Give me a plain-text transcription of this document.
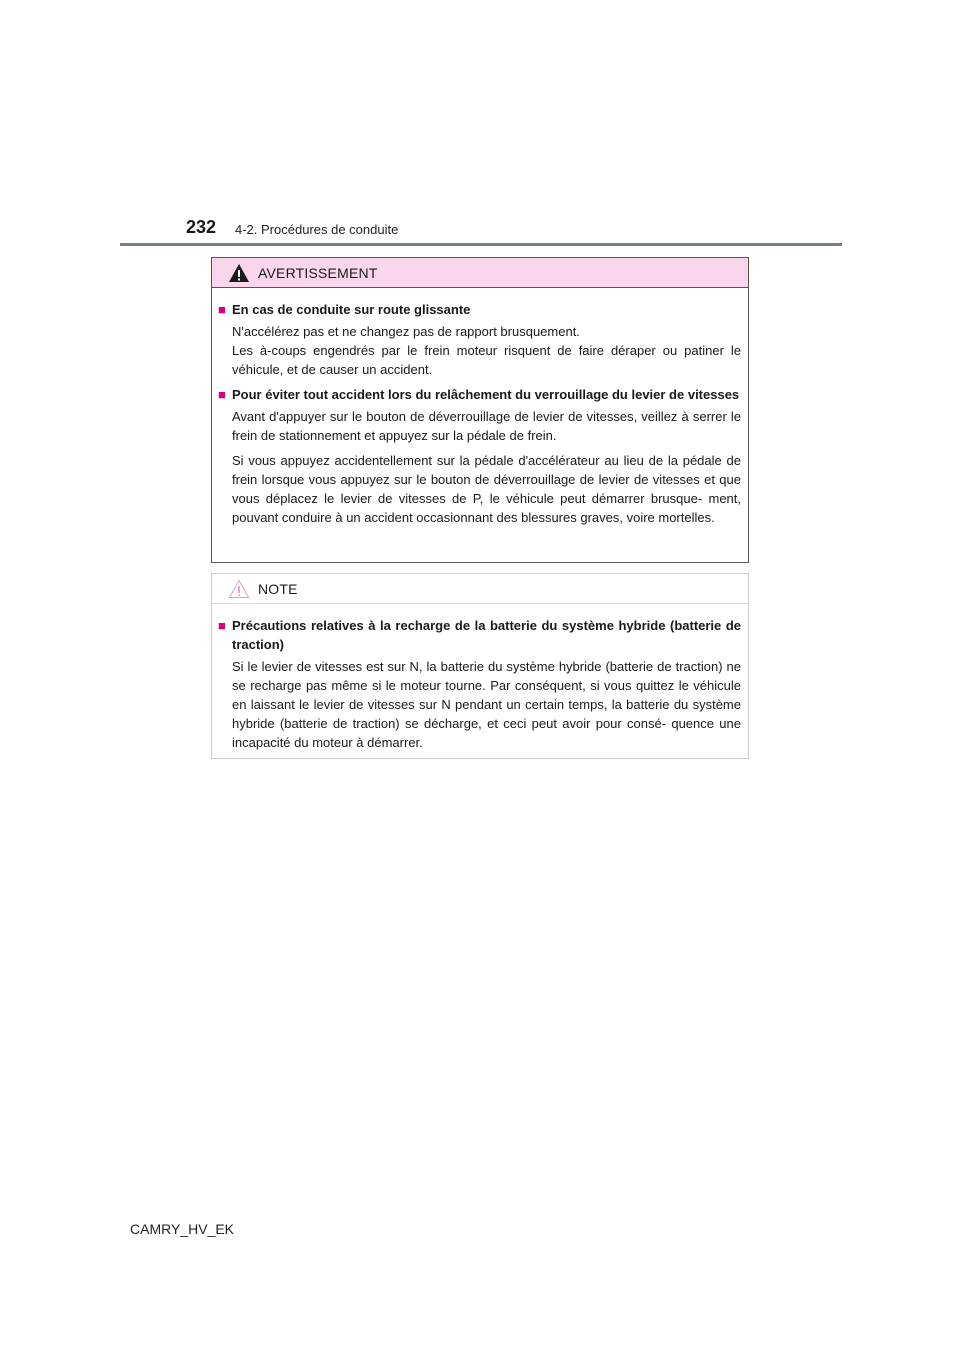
232 4-2. Procédures de conduite
AVERTISSEMENT
■ En cas de conduite sur route glissante

N'accélérez pas et ne changez pas de rapport brusquement.

Les à-coups engendrés par le frein moteur risquent de faire déraper ou patiner le véhicule, et de causer un accident.

■ Pour éviter tout accident lors du relâchement du verrouillage du levier de vitesses

Avant d'appuyer sur le bouton de déverrouillage de levier de vitesses, veillez à serrer le frein de stationnement et appuyez sur la pédale de frein.

Si vous appuyez accidentellement sur la pédale d'accélérateur au lieu de la pédale de frein lorsque vous appuyez sur le bouton de déverrouillage de levier de vitesses et que vous déplacez le levier de vitesses de P, le véhicule peut démarrer brusque- ment, pouvant conduire à un accident occasionnant des blessures graves, voire mortelles.

NOTE
■ Précautions relatives à la recharge de la batterie du système hybride (batterie de traction)

Si le levier de vitesses est sur N, la batterie du système hybride (batterie de traction) ne se recharge pas même si le moteur tourne. Par conséquent, si vous quittez le véhicule en laissant le levier de vitesses sur N pendant un certain temps, la batterie du système hybride (batterie de traction) se décharge, et ceci peut avoir pour consé- quence une incapacité du moteur à démarrer.

CAMRY_HV_EK
